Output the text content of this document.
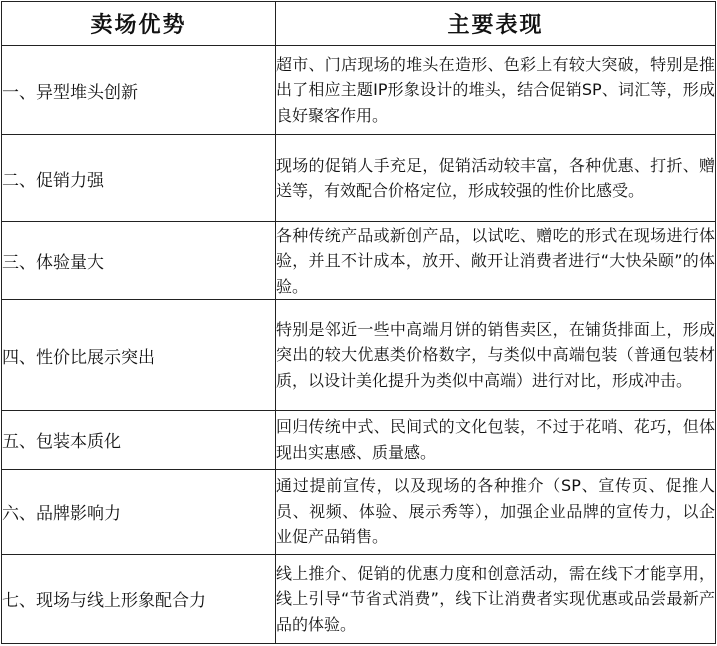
卖场优势	主要表现
一、异型堆头创新	超市、门店现场的堆头在造形、色彩上有较大突破，特别是推出了相应主题IP形象设计的堆头，结合促销SP、词汇等，形成良好聚客作用。
二、促销力强	现场的促销人手充足，促销活动较丰富，各种优惠、打折、赠送等，有效配合价格定位，形成较强的性价比感受。
三、体验量大	各种传统产品或新创产品，以试吃、赠吃的形式在现场进行体验，并且不计成本，放开、敞开让消费者进行“大快朵颐”的体验。
四、性价比展示突出	特别是邻近一些中高端月饼的销售卖区，在铺货排面上，形成突出的较大优惠类价格数字，与类似中高端包装（普通包装材质，以设计美化提升为类似中高端）进行对比，形成冲击。
五、包装本质化	回归传统中式、民间式的文化包装，不过于花哨、花巧，但体现出实惠感、质量感。
六、品牌影响力	通过提前宣传，以及现场的各种推介（SP、宣传页、促推人员、视频、体验、展示秀等），加强企业品牌的宣传力，以企业促产品销售。
七、现场与线上形象配合力	线上推介、促销的优惠力度和创意活动，需在线下才能享用，线上引导“节省式消费”，线下让消费者实现优惠或品尝最新产品的体验。
